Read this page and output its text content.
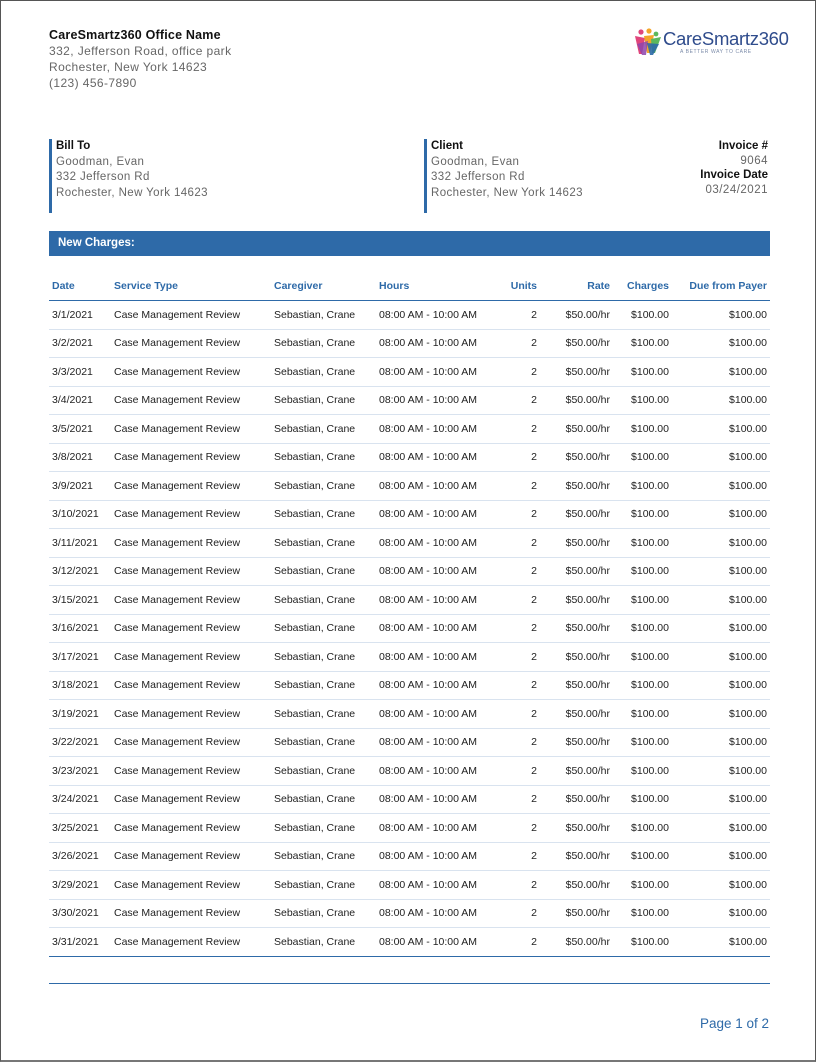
CareSmartz360 Office Name
332, Jefferson Road, office park
Rochester, New York 14623
(123) 456-7890
CareSmartz360
A BETTER WAY TO CARE
Bill To
Goodman, Evan
332 Jefferson Rd
Rochester, New York 14623
Client
Goodman, Evan
332 Jefferson Rd
Rochester, New York 14623
Invoice #
9064
Invoice Date
03/24/2021
New Charges:
Date	Service Type	Caregiver	Hours	Units	Rate	Charges	Due from Payer
3/1/2021	Case Management Review	Sebastian, Crane	08:00 AM - 10:00 AM	2	$50.00/hr	$100.00	$100.00
3/2/2021	Case Management Review	Sebastian, Crane	08:00 AM - 10:00 AM	2	$50.00/hr	$100.00	$100.00
3/3/2021	Case Management Review	Sebastian, Crane	08:00 AM - 10:00 AM	2	$50.00/hr	$100.00	$100.00
3/4/2021	Case Management Review	Sebastian, Crane	08:00 AM - 10:00 AM	2	$50.00/hr	$100.00	$100.00
3/5/2021	Case Management Review	Sebastian, Crane	08:00 AM - 10:00 AM	2	$50.00/hr	$100.00	$100.00
3/8/2021	Case Management Review	Sebastian, Crane	08:00 AM - 10:00 AM	2	$50.00/hr	$100.00	$100.00
3/9/2021	Case Management Review	Sebastian, Crane	08:00 AM - 10:00 AM	2	$50.00/hr	$100.00	$100.00
3/10/2021	Case Management Review	Sebastian, Crane	08:00 AM - 10:00 AM	2	$50.00/hr	$100.00	$100.00
3/11/2021	Case Management Review	Sebastian, Crane	08:00 AM - 10:00 AM	2	$50.00/hr	$100.00	$100.00
3/12/2021	Case Management Review	Sebastian, Crane	08:00 AM - 10:00 AM	2	$50.00/hr	$100.00	$100.00
3/15/2021	Case Management Review	Sebastian, Crane	08:00 AM - 10:00 AM	2	$50.00/hr	$100.00	$100.00
3/16/2021	Case Management Review	Sebastian, Crane	08:00 AM - 10:00 AM	2	$50.00/hr	$100.00	$100.00
3/17/2021	Case Management Review	Sebastian, Crane	08:00 AM - 10:00 AM	2	$50.00/hr	$100.00	$100.00
3/18/2021	Case Management Review	Sebastian, Crane	08:00 AM - 10:00 AM	2	$50.00/hr	$100.00	$100.00
3/19/2021	Case Management Review	Sebastian, Crane	08:00 AM - 10:00 AM	2	$50.00/hr	$100.00	$100.00
3/22/2021	Case Management Review	Sebastian, Crane	08:00 AM - 10:00 AM	2	$50.00/hr	$100.00	$100.00
3/23/2021	Case Management Review	Sebastian, Crane	08:00 AM - 10:00 AM	2	$50.00/hr	$100.00	$100.00
3/24/2021	Case Management Review	Sebastian, Crane	08:00 AM - 10:00 AM	2	$50.00/hr	$100.00	$100.00
3/25/2021	Case Management Review	Sebastian, Crane	08:00 AM - 10:00 AM	2	$50.00/hr	$100.00	$100.00
3/26/2021	Case Management Review	Sebastian, Crane	08:00 AM - 10:00 AM	2	$50.00/hr	$100.00	$100.00
3/29/2021	Case Management Review	Sebastian, Crane	08:00 AM - 10:00 AM	2	$50.00/hr	$100.00	$100.00
3/30/2021	Case Management Review	Sebastian, Crane	08:00 AM - 10:00 AM	2	$50.00/hr	$100.00	$100.00
3/31/2021	Case Management Review	Sebastian, Crane	08:00 AM - 10:00 AM	2	$50.00/hr	$100.00	$100.00
Page 1 of 2
